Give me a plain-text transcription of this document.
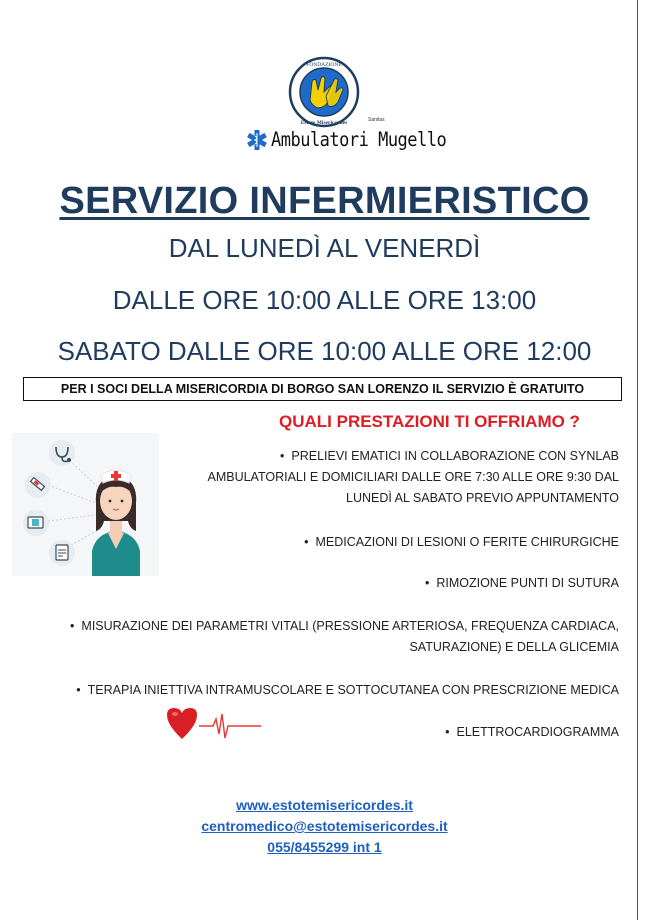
FONDAZIONE
Estote Misericordes	Sanitas
Ambulatori Mugello
SERVIZIO INFERMIERISTICO
DAL LUNEDÌ AL VENERDÌ
DALLE ORE 10:00 ALLE ORE 13:00
SABATO DALLE ORE 10:00 ALLE ORE 12:00
PER I SOCI DELLA MISERICORDIA DI BORGO SAN LORENZO IL SERVIZIO È GRATUITO
QUALI PRESTAZIONI TI OFFRIAMO ?
• PRELIEVI EMATICI IN COLLABORAZIONE CON SYNLAB
AMBULATORIALI E DOMICILIARI DALLE ORE 7:30 ALLE ORE 9:30 DAL
LUNEDÌ AL SABATO PREVIO APPUNTAMENTO
• MEDICAZIONI DI LESIONI O FERITE CHIRURGICHE
• RIMOZIONE PUNTI DI SUTURA
• MISURAZIONE DEI PARAMETRI VITALI (PRESSIONE ARTERIOSA, FREQUENZA CARDIACA,
SATURAZIONE) E DELLA GLICEMIA
• TERAPIA INIETTIVA INTRAMUSCOLARE E SOTTOCUTANEA CON PRESCRIZIONE MEDICA
• ELETTROCARDIOGRAMMA
www.estotemisericordes.it
centromedico@estotemisericordes.it
055/8455299 int 1
